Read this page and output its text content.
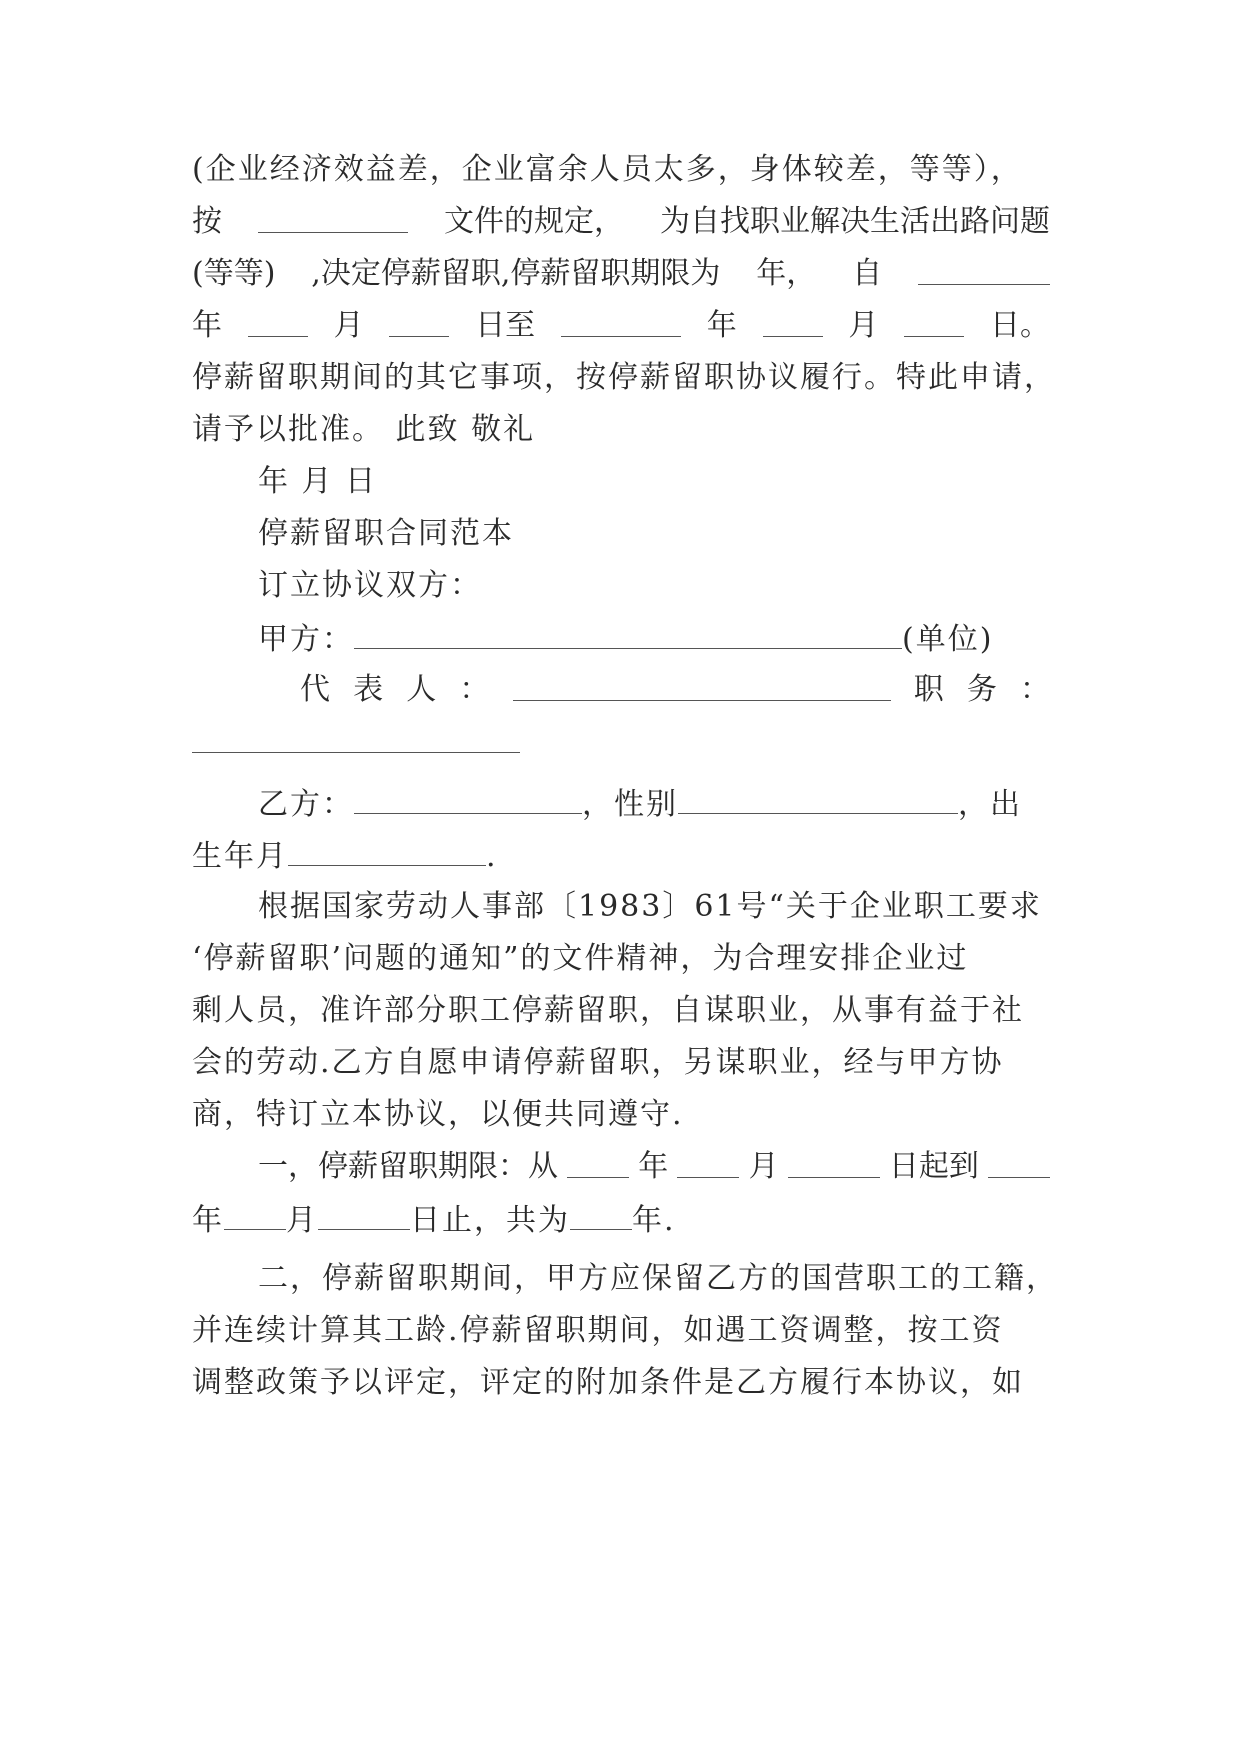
(企业经济效益差，企业富余人员太多，身体较差，等等），
按	文件的规定， 为自找职业解决生活出路问题
(等等) ,决定停薪留职,停薪留职期限为 年， 自
年	月	日至	年	月	日。
停薪留职期间的其它事项，按停薪留职协议履行。特此申请，
请予以批准。 此致 敬礼
年 月 日
停薪留职合同范本
订立协议双方：
甲方：	(单位)
代 表 人 ：	职 务 ：
乙方：	，性别	，出
生年月	.
根据国家劳动人事部〔1983〕61号“关于企业职工要求
‘停薪留职’问题的通知”的文件精神，为合理安排企业过
剩人员，准许部分职工停薪留职，自谋职业，从事有益于社
会的劳动.乙方自愿申请停薪留职，另谋职业，经与甲方协
商，特订立本协议，以便共同遵守.
一，停薪留职期限：从	年	月	日起到
年 月	日止，共为 年.
二，停薪留职期间，甲方应保留乙方的国营职工的工籍，
并连续计算其工龄.停薪留职期间，如遇工资调整，按工资
调整政策予以评定，评定的附加条件是乙方履行本协议，如
